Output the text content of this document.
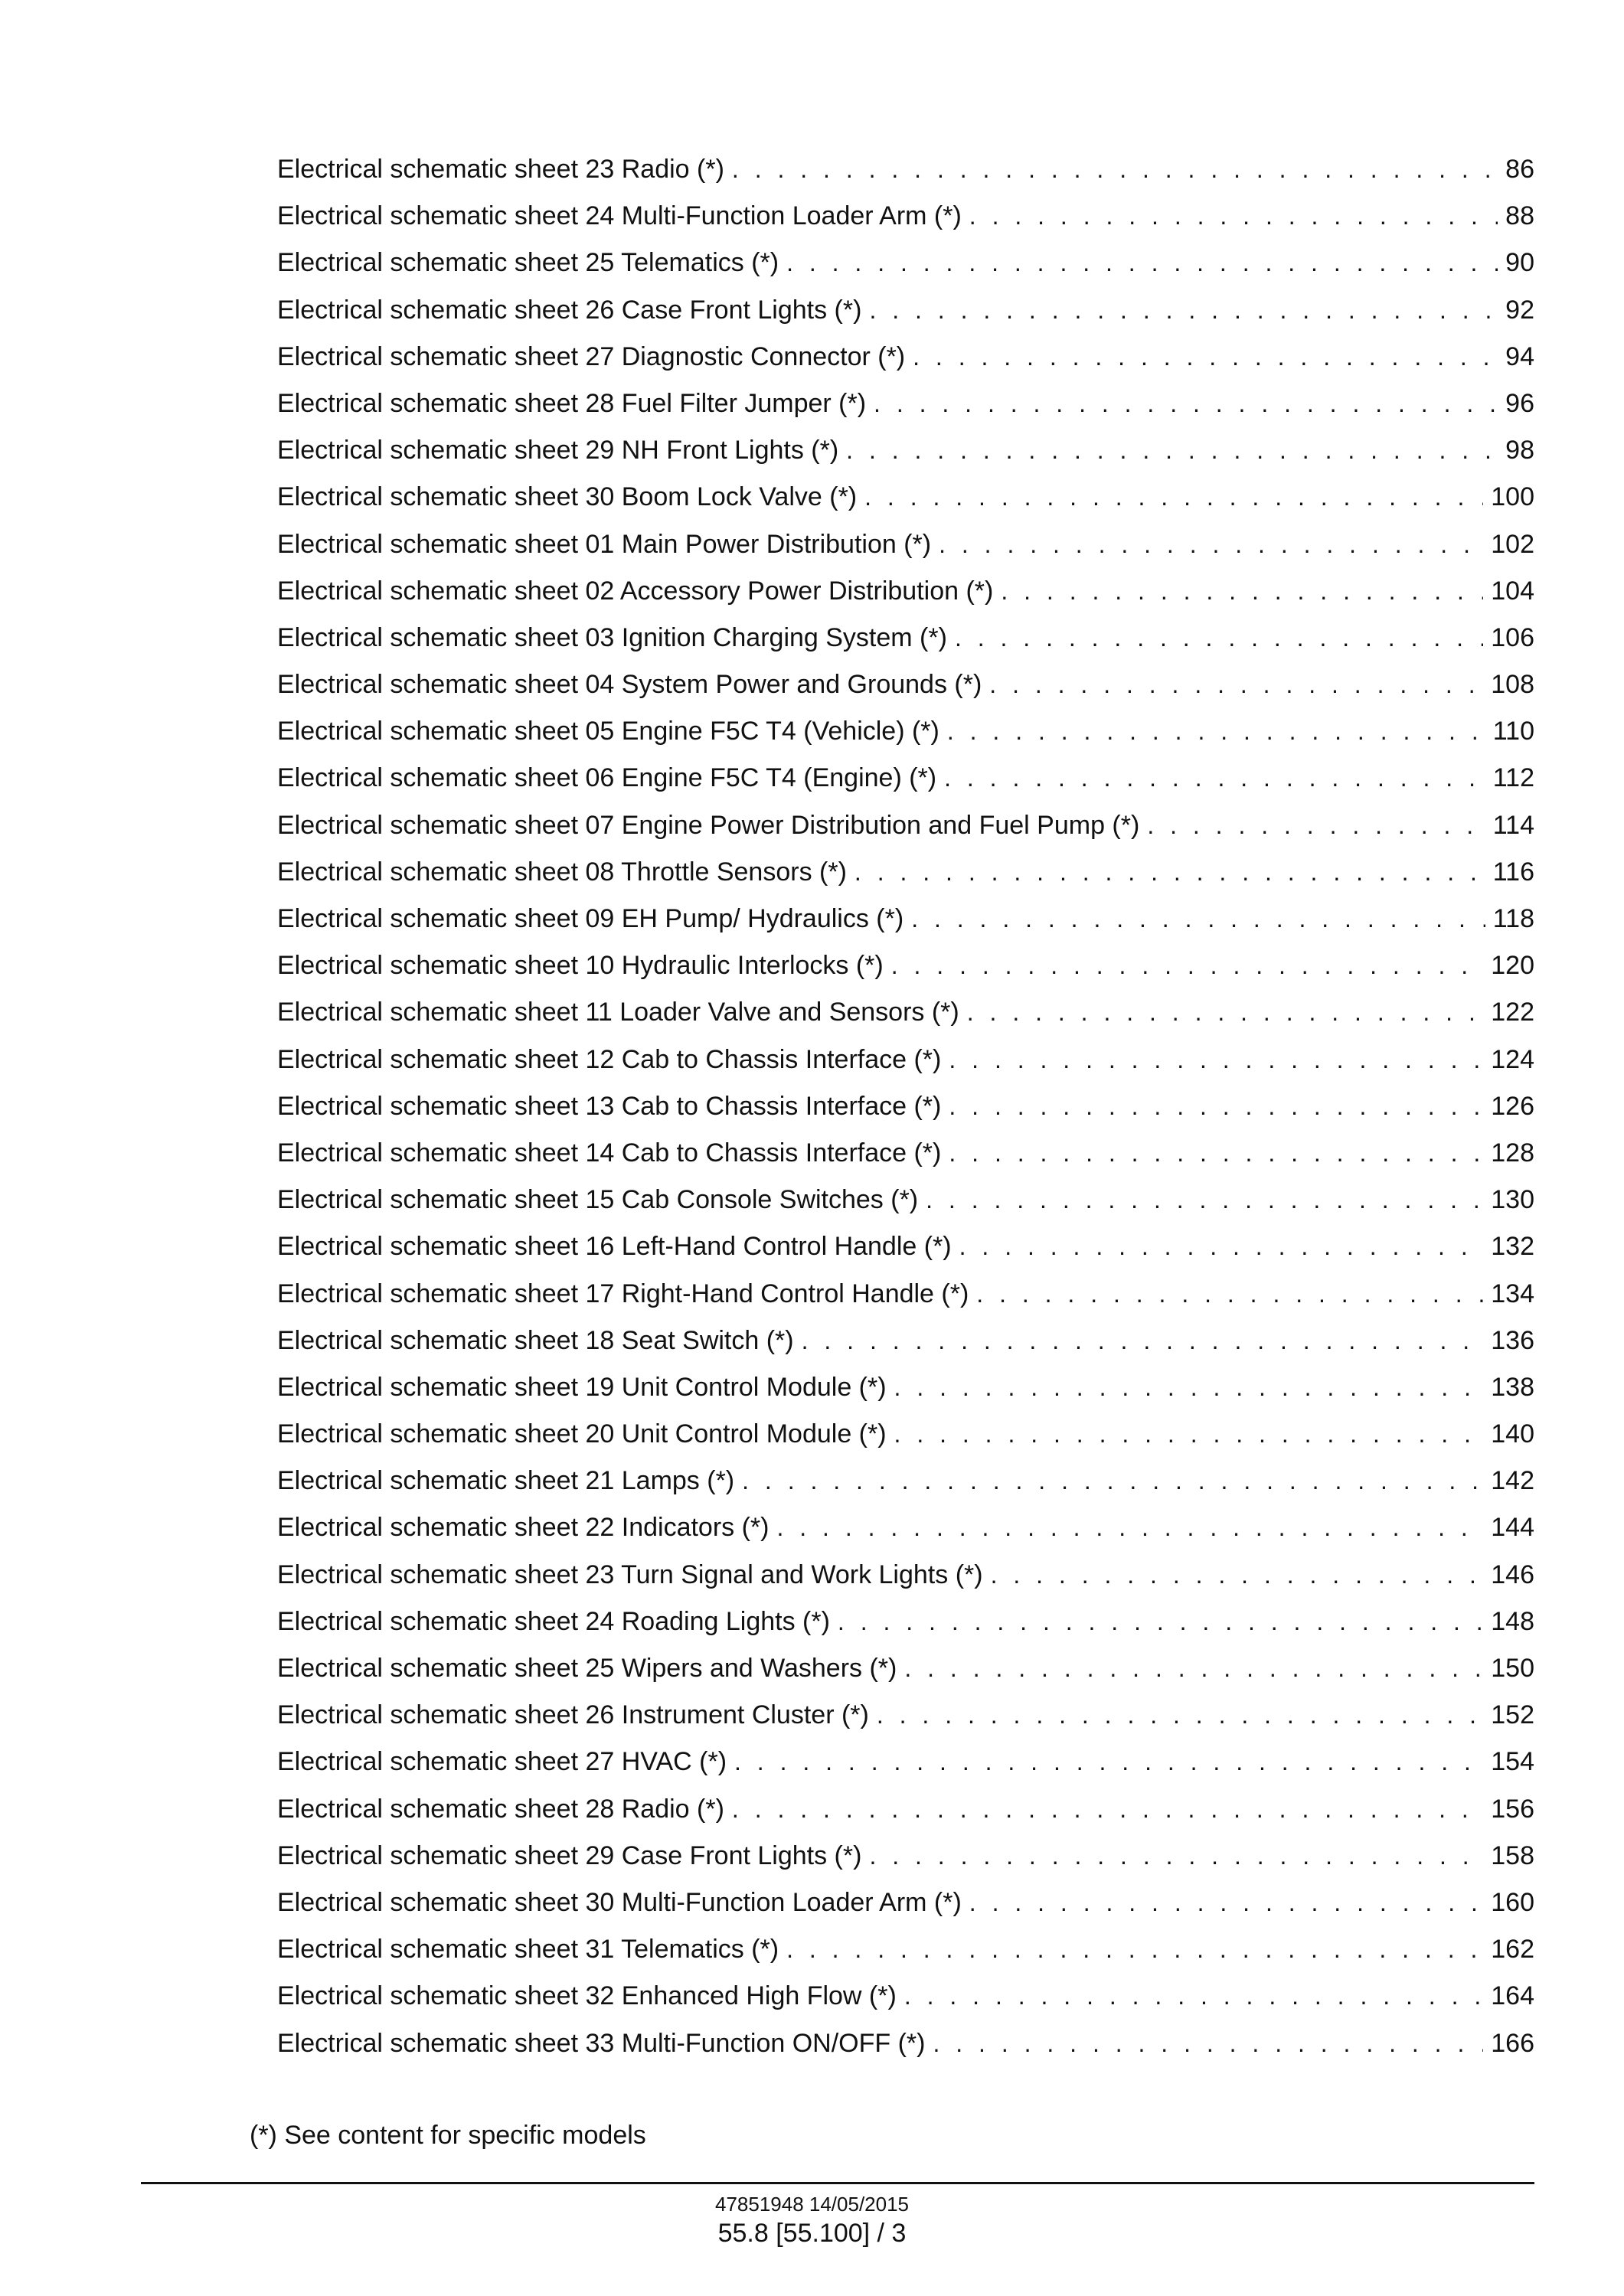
Electrical schematic sheet 23 Radio (*) . . .	86
Electrical schematic sheet 24 Multi-Function Loader Arm (*) . . .	88
Electrical schematic sheet 25 Telematics (*) . . .	90
Electrical schematic sheet 26 Case Front Lights (*) . . .	92
Electrical schematic sheet 27 Diagnostic Connector (*) . . .	94
Electrical schematic sheet 28 Fuel Filter Jumper (*) . . .	96
Electrical schematic sheet 29 NH Front Lights (*) . . .	98
Electrical schematic sheet 30 Boom Lock Valve (*) . . .	100
Electrical schematic sheet 01 Main Power Distribution (*) . . .	102
Electrical schematic sheet 02 Accessory Power Distribution (*) . . .	104
Electrical schematic sheet 03 Ignition Charging System (*) . . .	106
Electrical schematic sheet 04 System Power and Grounds (*) . . .	108
Electrical schematic sheet 05 Engine F5C T4 (Vehicle) (*) . . .	110
Electrical schematic sheet 06 Engine F5C T4 (Engine) (*) . . .	112
Electrical schematic sheet 07 Engine Power Distribution and Fuel Pump (*) . . .	114
Electrical schematic sheet 08 Throttle Sensors (*) . . .	116
Electrical schematic sheet 09 EH Pump/ Hydraulics (*) . . .	118
Electrical schematic sheet 10 Hydraulic Interlocks (*) . . .	120
Electrical schematic sheet 11 Loader Valve and Sensors (*) . . .	122
Electrical schematic sheet 12 Cab to Chassis Interface (*) . . .	124
Electrical schematic sheet 13 Cab to Chassis Interface (*) . . .	126
Electrical schematic sheet 14 Cab to Chassis Interface (*) . . .	128
Electrical schematic sheet 15 Cab Console Switches (*) . . .	130
Electrical schematic sheet 16 Left-Hand Control Handle (*) . . .	132
Electrical schematic sheet 17 Right-Hand Control Handle (*) . . .	134
Electrical schematic sheet 18 Seat Switch (*) . . .	136
Electrical schematic sheet 19 Unit Control Module (*) . . .	138
Electrical schematic sheet 20 Unit Control Module (*) . . .	140
Electrical schematic sheet 21 Lamps (*) . . .	142
Electrical schematic sheet 22 Indicators (*) . . .	144
Electrical schematic sheet 23 Turn Signal and Work Lights (*) . . .	146
Electrical schematic sheet 24 Roading Lights (*) . . .	148
Electrical schematic sheet 25 Wipers and Washers (*) . . .	150
Electrical schematic sheet 26 Instrument Cluster (*) . . .	152
Electrical schematic sheet 27 HVAC (*) . . .	154
Electrical schematic sheet 28 Radio (*) . . .	156
Electrical schematic sheet 29 Case Front Lights (*) . . .	158
Electrical schematic sheet 30 Multi-Function Loader Arm (*) . . .	160
Electrical schematic sheet 31 Telematics (*) . . .	162
Electrical schematic sheet 32 Enhanced High Flow (*) . . .	164
Electrical schematic sheet 33 Multi-Function ON/OFF (*) . . .	166
(*) See content for specific models
47851948 14/05/2015
55.8 [55.100] / 3
